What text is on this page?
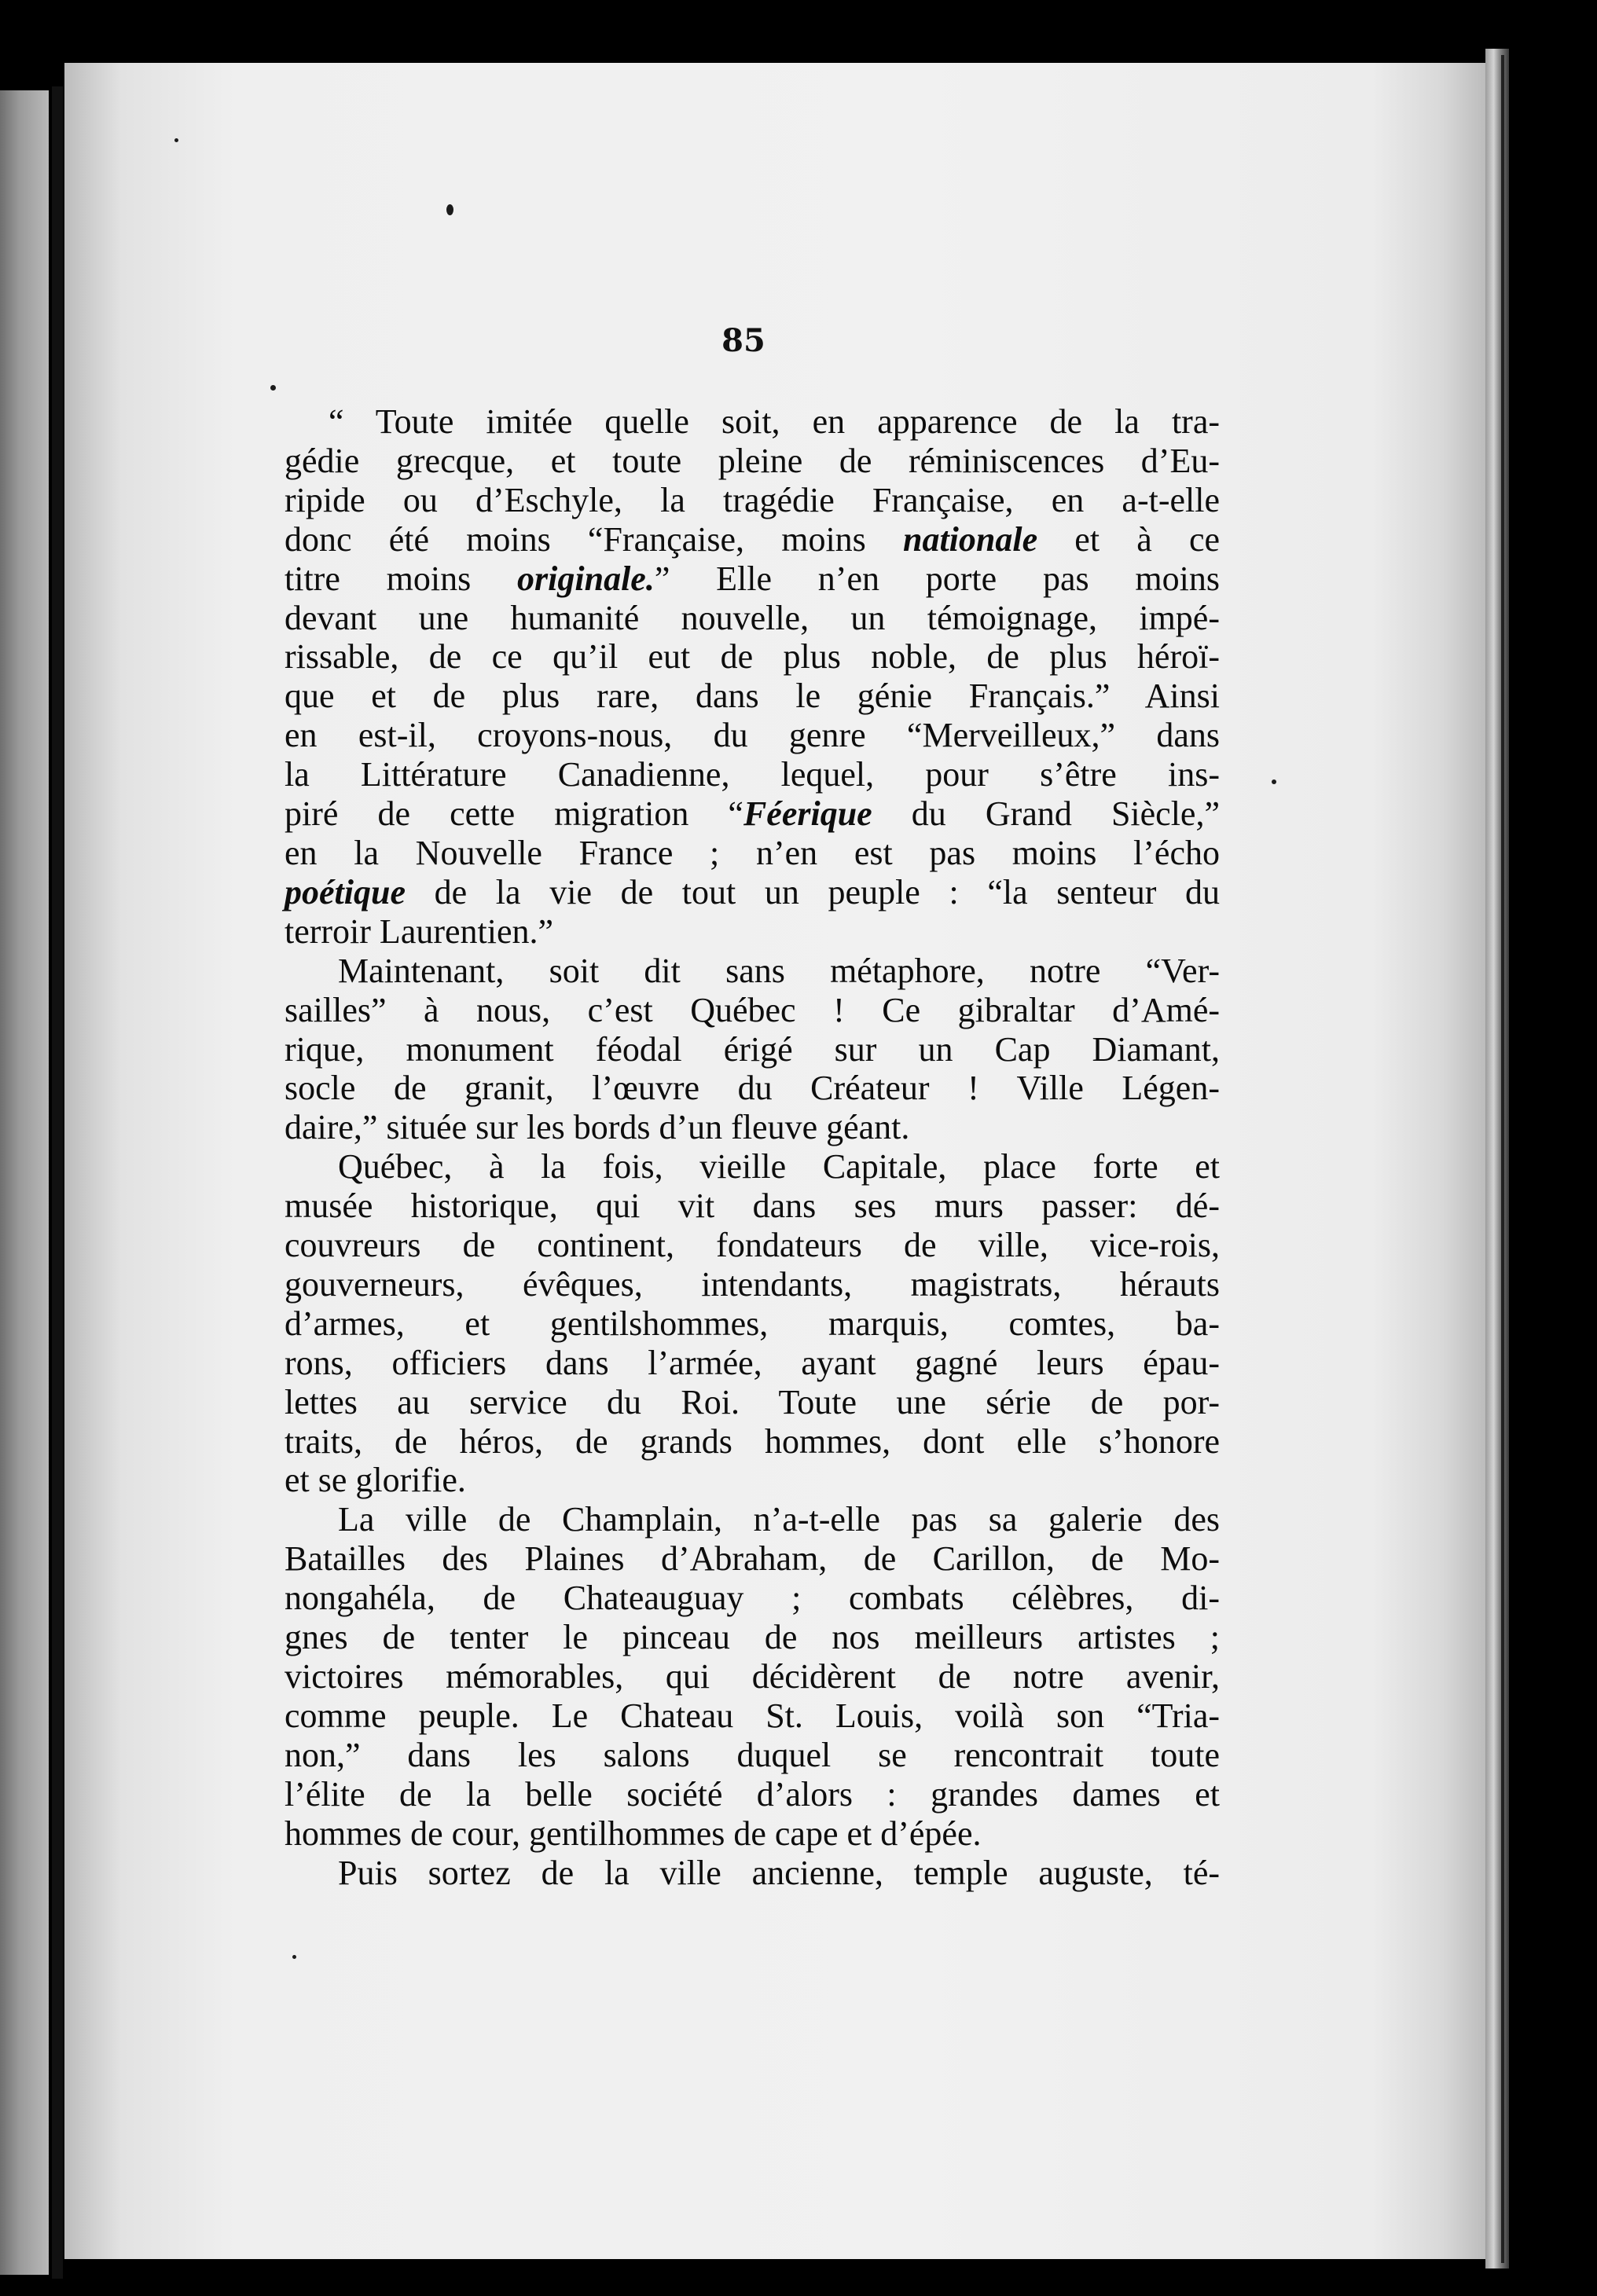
85
“ Toute imitée quelle soit, en apparence de la tra-
gédie grecque, et toute pleine de réminiscences d’Eu-
ripide ou d’Eschyle, la tragédie Française, en a-t-elle
donc été moins “Française, moins nationale et à ce
titre moins originale.” Elle n’en porte pas moins
devant une humanité nouvelle, un témoignage, impé-
rissable, de ce qu’il eut de plus noble, de plus héroï-
que et de plus rare, dans le génie Français.” Ainsi
en est-il, croyons-nous, du genre “Merveilleux,” dans
la Littérature Canadienne, lequel, pour s’être ins-
piré de cette migration “Féerique du Grand Siècle,”
en la Nouvelle France ; n’en est pas moins l’écho
poétique de la vie de tout un peuple : “la senteur du
terroir Laurentien.”
Maintenant, soit dit sans métaphore, notre “Ver-
sailles” à nous, c’est Québec ! Ce gibraltar d’Amé-
rique, monument féodal érigé sur un Cap Diamant,
socle de granit, l’œuvre du Créateur ! Ville Légen-
daire,” située sur les bords d’un fleuve géant.
Québec, à la fois, vieille Capitale, place forte et
musée historique, qui vit dans ses murs passer: dé-
couvreurs de continent, fondateurs de ville, vice-rois,
gouverneurs, évêques, intendants, magistrats, hérauts
d’armes, et gentilshommes, marquis, comtes, ba-
rons, officiers dans l’armée, ayant gagné leurs épau-
lettes au service du Roi. Toute une série de por-
traits, de héros, de grands hommes, dont elle s’honore
et se glorifie.
La ville de Champlain, n’a-t-elle pas sa galerie des
Batailles des Plaines d’Abraham, de Carillon, de Mo-
nongahéla, de Chateauguay ; combats célèbres, di-
gnes de tenter le pinceau de nos meilleurs artistes ;
victoires mémorables, qui décidèrent de notre avenir,
comme peuple. Le Chateau St. Louis, voilà son “Tria-
non,” dans les salons duquel se rencontrait toute
l’élite de la belle société d’alors : grandes dames et
hommes de cour, gentilhommes de cape et d’épée.
Puis sortez de la ville ancienne, temple auguste, té-
